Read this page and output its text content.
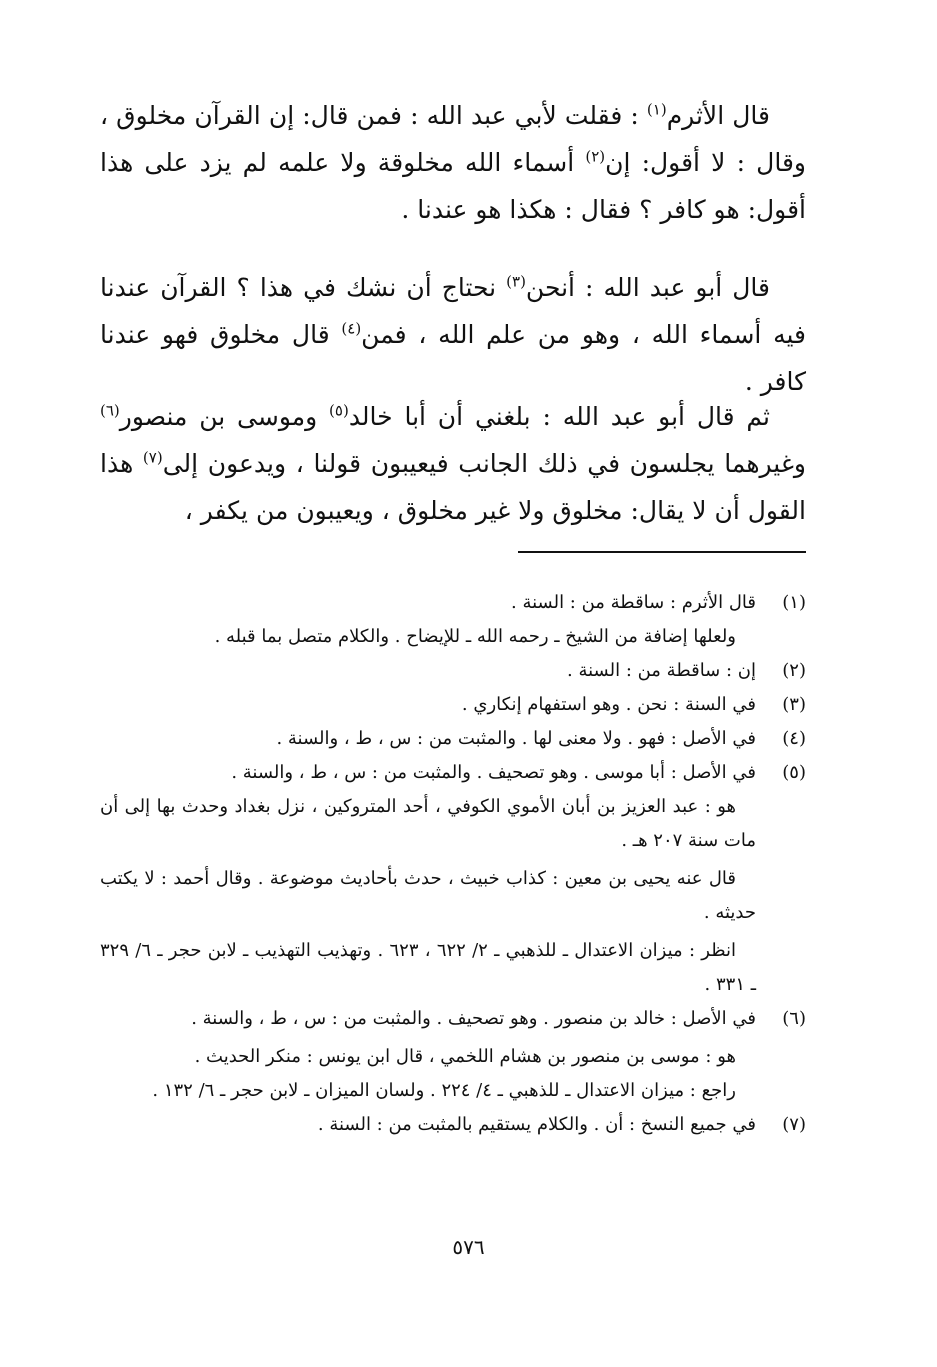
قال الأثرم$^{(١)}$ : فقلت لأبي عبد الله : فمن قال: إن القرآن مخلوق ، وقال : لا أقول: إن$^{(٢)}$ أسماء الله مخلوقة ولا علمه لم يزد على هذا أقول: هو كافر ؟ فقال : هكذا هو عندنا .

قال أبو عبد الله : أنحن$^{(٣)}$ نحتاج أن نشك في هذا ؟ القرآن عندنا فيه أسماء الله ، وهو من علم الله ، فمن$^{(٤)}$ قال مخلوق فهو عندنا كافر .

ثم قال أبو عبد الله : بلغني أن أبا خالد$^{(٥)}$ وموسى بن منصور$^{(٦)}$ وغيرهما يجلسون في ذلك الجانب فيعيبون قولنا ، ويدعون إلى$^{(٧)}$ هذا القول أن لا يقال: مخلوق ولا غير مخلوق ، ويعيبون من يكفر ،

(١)

قال الأثرم : ساقطة من : السنة .

ولعلها إضافة من الشيخ ـ رحمه الله ـ للإيضاح . والكلام متصل بما قبله .

(٢)

إن : ساقطة من : السنة .

(٣)

في السنة : نحن . وهو استفهام إنكاري .

(٤)

في الأصل : فهو . ولا معنى لها . والمثبت من : س ، ط ، والسنة .

(٥)

في الأصل : أبا موسى . وهو تصحيف . والمثبت من : س ، ط ، والسنة .

هو : عبد العزيز بن أبان الأموي الكوفي ، أحد المتروكين ، نزل بغداد وحدث بها إلى أن مات سنة ٢٠٧ هـ .

قال عنه يحيى بن معين : كذاب خبيث ، حدث بأحاديث موضوعة . وقال أحمد : لا يكتب حديثه .

انظر : ميزان الاعتدال ـ للذهبي ـ ٢/ ٦٢٢ ، ٦٢٣ . وتهذيب التهذيب ـ لابن حجر ـ ٦/ ٣٢٩ ـ ٣٣١ .

(٦)

في الأصل : خالد بن منصور . وهو تصحيف . والمثبت من : س ، ط ، والسنة .

هو : موسى بن منصور بن هشام اللخمي ، قال ابن يونس : منكر الحديث .

راجع : ميزان الاعتدال ـ للذهبي ـ ٤/ ٢٢٤ . ولسان الميزان ـ لابن حجر ـ ٦/ ١٣٢ .

(٧)

في جميع النسخ : أن . والكلام يستقيم بالمثبت من : السنة .

٥٧٦
